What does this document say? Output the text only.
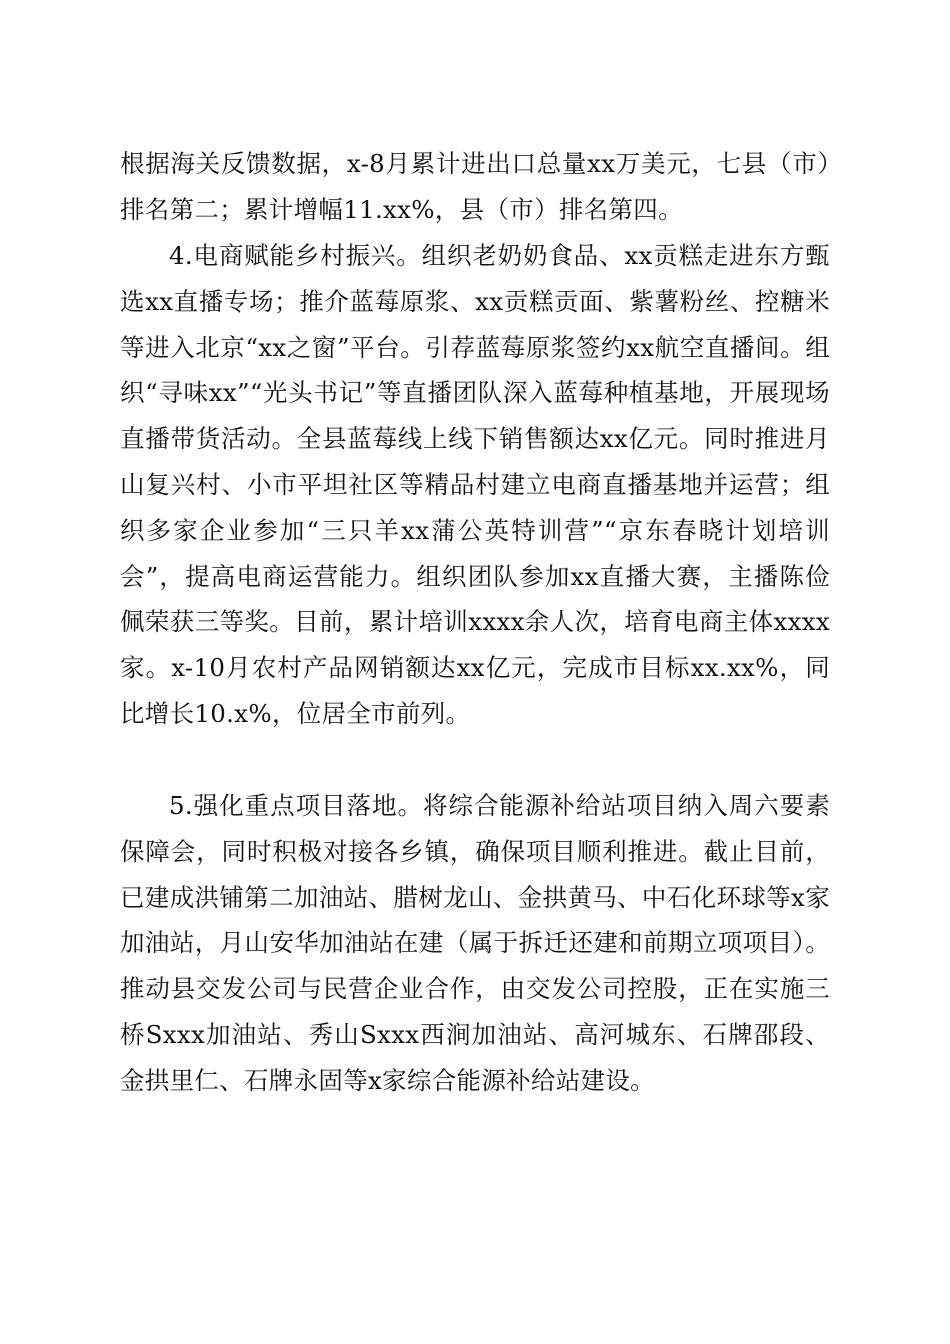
根据海关反馈数据，x-8月累计进出口总量xx万美元，七县（市）排名第二；累计增幅11.xx%，县（市）排名第四。

4.电商赋能乡村振兴。组织老奶奶食品、xx贡糕走进东方甄选xx直播专场；推介蓝莓原浆、xx贡糕贡面、紫薯粉丝、控糖米等进入北京“xx之窗”平台。引荐蓝莓原浆签约xx航空直播间。组织“寻味xx”“光头书记”等直播团队深入蓝莓种植基地，开展现场直播带货活动。全县蓝莓线上线下销售额达xx亿元。同时推进月山复兴村、小市平坦社区等精品村建立电商直播基地并运营；组织多家企业参加“三只羊xx蒲公英特训营”“京东春晓计划培训会”，提高电商运营能力。组织团队参加xx直播大赛，主播陈俭佩荣获三等奖。目前，累计培训xxxx余人次，培育电商主体xxxx家。x-10月农村产品网销额达xx亿元，完成市目标xx.xx%，同比增长10.x%，位居全市前列。

5.强化重点项目落地。将综合能源补给站项目纳入周六要素保障会，同时积极对接各乡镇，确保项目顺利推进。截止目前，已建成洪铺第二加油站、腊树龙山、金拱黄马、中石化环球等x家加油站，月山安华加油站在建（属于拆迁还建和前期立项项目）。推动县交发公司与民营企业合作，由交发公司控股，正在实施三桥Sxxx加油站、秀山Sxxx西涧加油站、高河城东、石牌邵段、金拱里仁、石牌永固等x家综合能源补给站建设。
